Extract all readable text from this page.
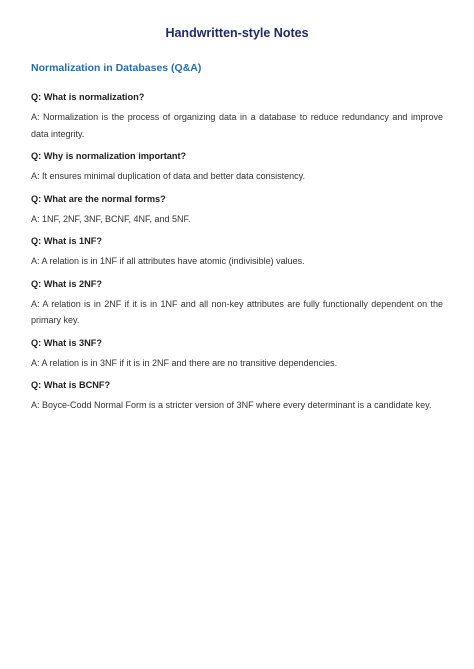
Handwritten-style Notes
Normalization in Databases (Q&A)

Q: What is normalization?

A: Normalization is the process of organizing data in a database to reduce redundancy and improve data integrity.

Q: Why is normalization important?

A: It ensures minimal duplication of data and better data consistency.

Q: What are the normal forms?

A: 1NF, 2NF, 3NF, BCNF, 4NF, and 5NF.

Q: What is 1NF?

A: A relation is in 1NF if all attributes have atomic (indivisible) values.

Q: What is 2NF?

A: A relation is in 2NF if it is in 1NF and all non-key attributes are fully functionally dependent on the primary key.

Q: What is 3NF?

A: A relation is in 3NF if it is in 2NF and there are no transitive dependencies.

Q: What is BCNF?

A: Boyce-Codd Normal Form is a stricter version of 3NF where every determinant is a candidate key.
